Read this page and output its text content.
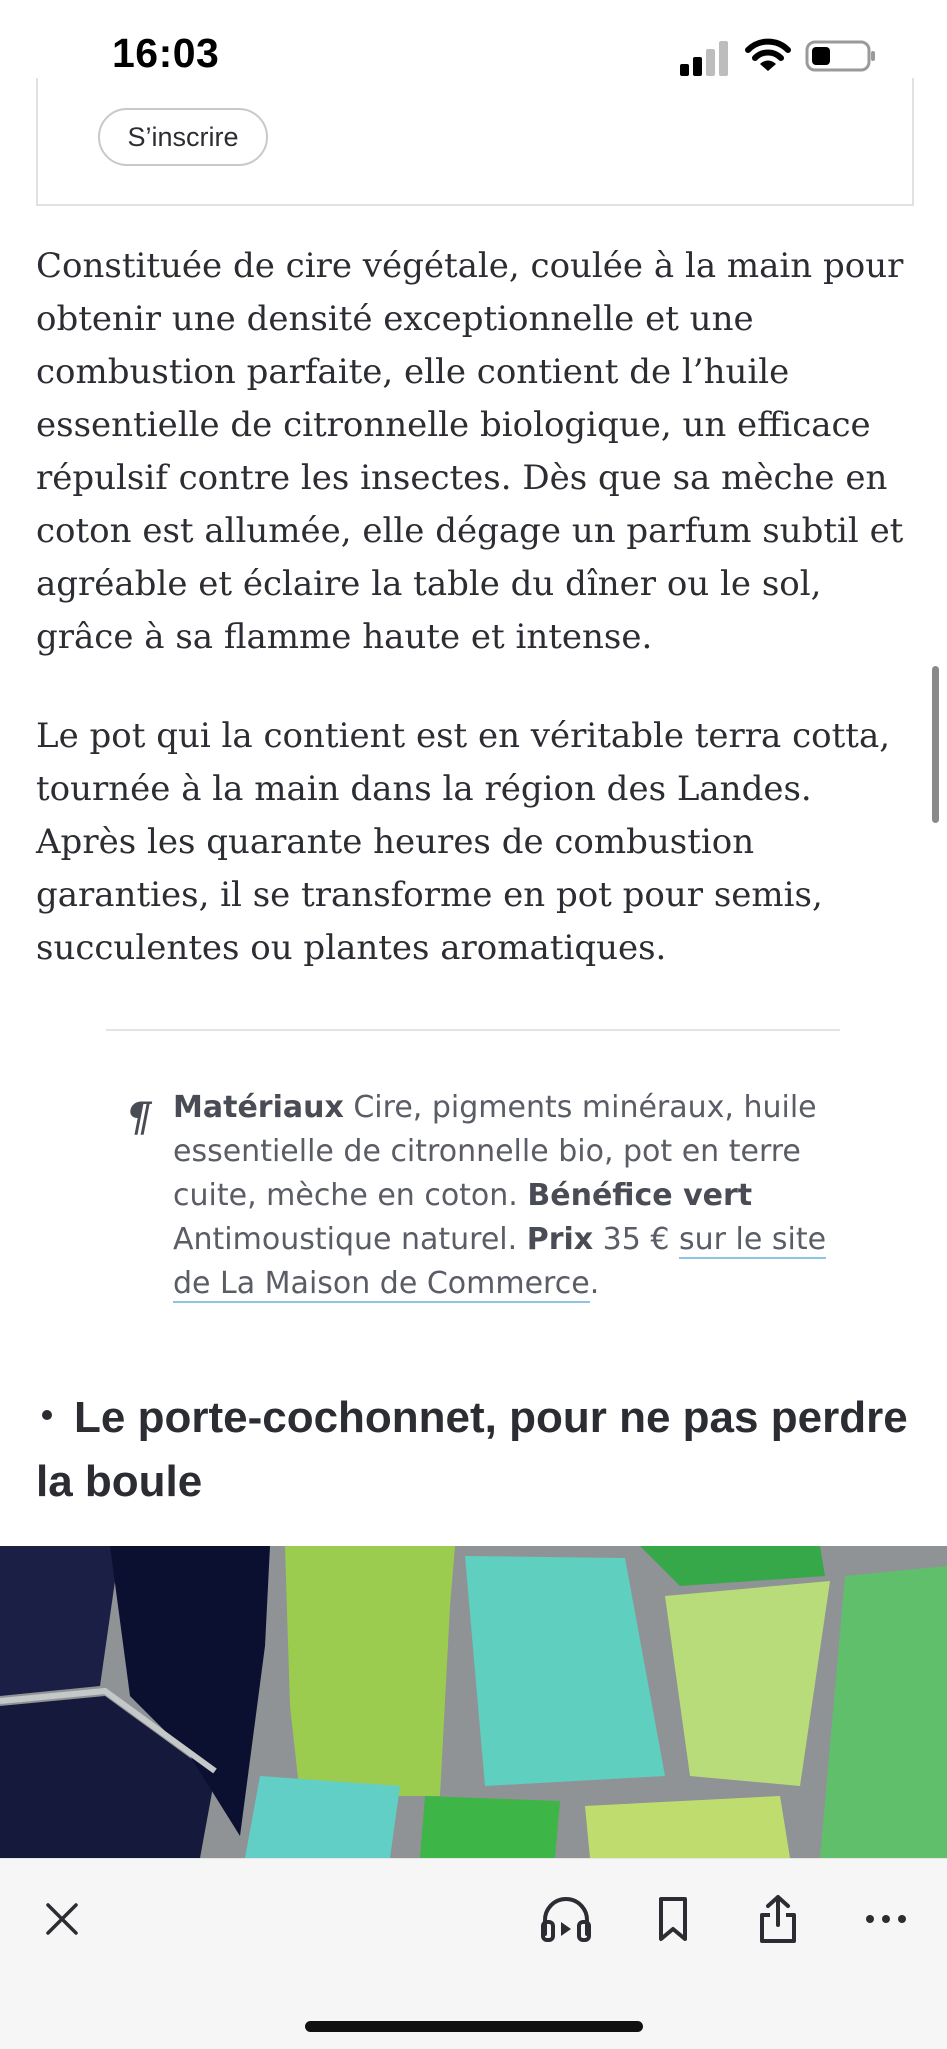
16:03
S’inscrire

Constituée de cire végétale, coulée à la main pour obtenir une densité exceptionnelle et une combustion parfaite, elle contient de l’huile essentielle de citronnelle biologique, un efficace répulsif contre les insectes. Dès que sa mèche en coton est allumée, elle dégage un parfum subtil et agréable et éclaire la table du dîner ou le sol, grâce à sa flamme haute et intense.

Le pot qui la contient est en véritable terra cotta, tournée à la main dans la région des Landes. Après les quarante heures de combustion garanties, il se transforme en pot pour semis, succulentes ou plantes aromatiques.

¶ Matériaux Cire, pigments minéraux, huile essentielle de citronnelle bio, pot en terre cuite, mèche en coton. Bénéfice vert Antimoustique naturel. Prix 35 € sur le site de La Maison de Commerce.
Le porte-cochonnet, pour ne pas perdre la boule
